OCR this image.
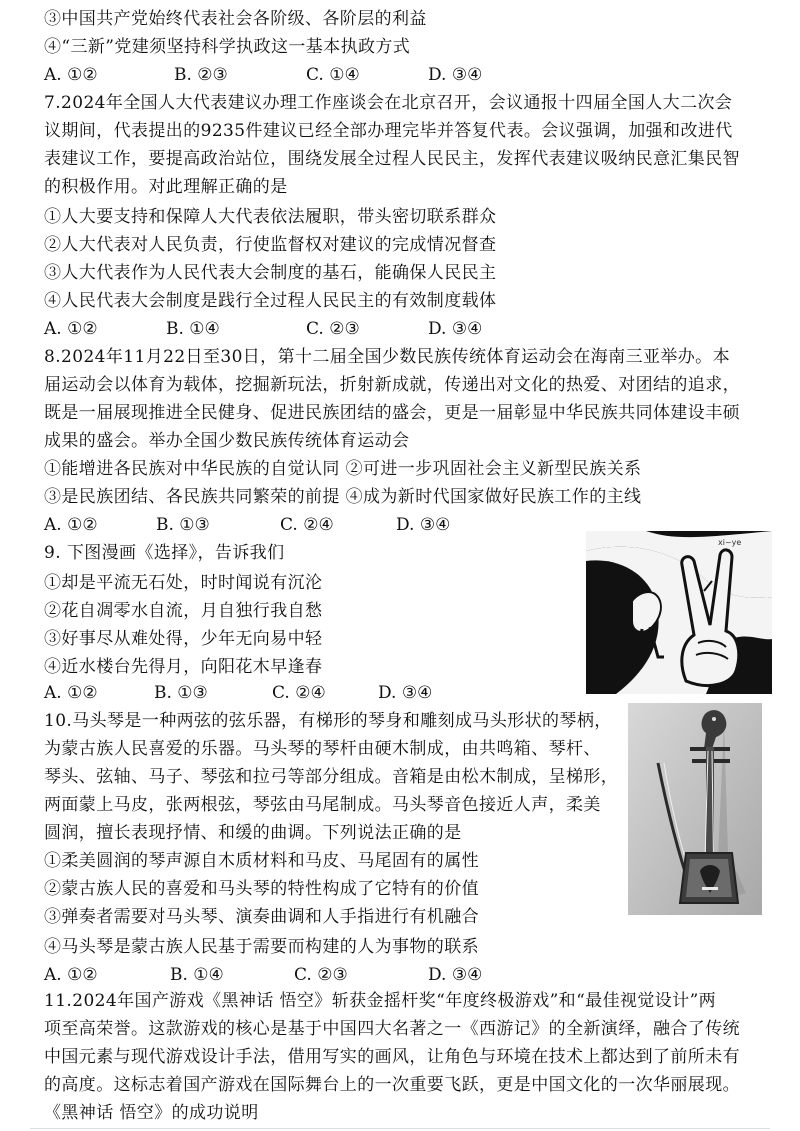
③中国共产党始终代表社会各阶级、各阶层的利益
④“三新”党建须坚持科学执政这一基本执政方式
A. ①②	B. ②③	C. ①④	D. ③④
7.2024年全国人大代表建议办理工作座谈会在北京召开，会议通报十四届全国人大二次会
议期间，代表提出的9235件建议已经全部办理完毕并答复代表。会议强调，加强和改进代
表建议工作，要提高政治站位，围绕发展全过程人民民主，发挥代表建议吸纳民意汇集民智
的积极作用。对此理解正确的是
①人大要支持和保障人大代表依法履职，带头密切联系群众
②人大代表对人民负责，行使监督权对建议的完成情况督查
③人大代表作为人民代表大会制度的基石，能确保人民民主
④人民代表大会制度是践行全过程人民民主的有效制度载体
A. ①②	B. ①④	C. ②③	D. ③④
8.2024年11月22日至30日，第十二届全国少数民族传统体育运动会在海南三亚举办。本
届运动会以体育为载体，挖掘新玩法，折射新成就，传递出对文化的热爱、对团结的追求，
既是一届展现推进全民健身、促进民族团结的盛会，更是一届彰显中华民族共同体建设丰硕
成果的盛会。举办全国少数民族传统体育运动会
①能增进各民族对中华民族的自觉认同 ②可进一步巩固社会主义新型民族关系
③是民族团结、各民族共同繁荣的前提 ④成为新时代国家做好民族工作的主线
A. ①②	B. ①③	C. ②④	D. ③④
9. 下图漫画《选择》，告诉我们
①却是平流无石处，时时闻说有沉沦
②花自凋零水自流，月自独行我自愁
③好事尽从难处得，少年无向易中轻
④近水楼台先得月，向阳花木早逢春
A. ①②	B. ①③	C. ②④	D. ③④
xi~ye
10.马头琴是一种两弦的弦乐器，有梯形的琴身和雕刻成马头形状的琴柄，
为蒙古族人民喜爱的乐器。马头琴的琴杆由硬木制成，由共鸣箱、琴杆、
琴头、弦轴、马子、琴弦和拉弓等部分组成。音箱是由松木制成，呈梯形，
两面蒙上马皮，张两根弦，琴弦由马尾制成。马头琴音色接近人声，柔美
圆润，擅长表现抒情、和缓的曲调。下列说法正确的是
①柔美圆润的琴声源自木质材料和马皮、马尾固有的属性
②蒙古族人民的喜爱和马头琴的特性构成了它特有的价值
③弹奏者需要对马头琴、演奏曲调和人手指进行有机融合
④马头琴是蒙古族人民基于需要而构建的人为事物的联系
A. ①②	B. ①④	C. ②③	D. ③④
11.2024年国产游戏《黑神话 悟空》斩获金摇杆奖“年度终极游戏”和“最佳视觉设计”两
项至高荣誉。这款游戏的核心是基于中国四大名著之一《西游记》的全新演绎，融合了传统
中国元素与现代游戏设计手法，借用写实的画风，让角色与环境在技术上都达到了前所未有
的高度。这标志着国产游戏在国际舞台上的一次重要飞跃，更是中国文化的一次华丽展现。
《黑神话 悟空》的成功说明
